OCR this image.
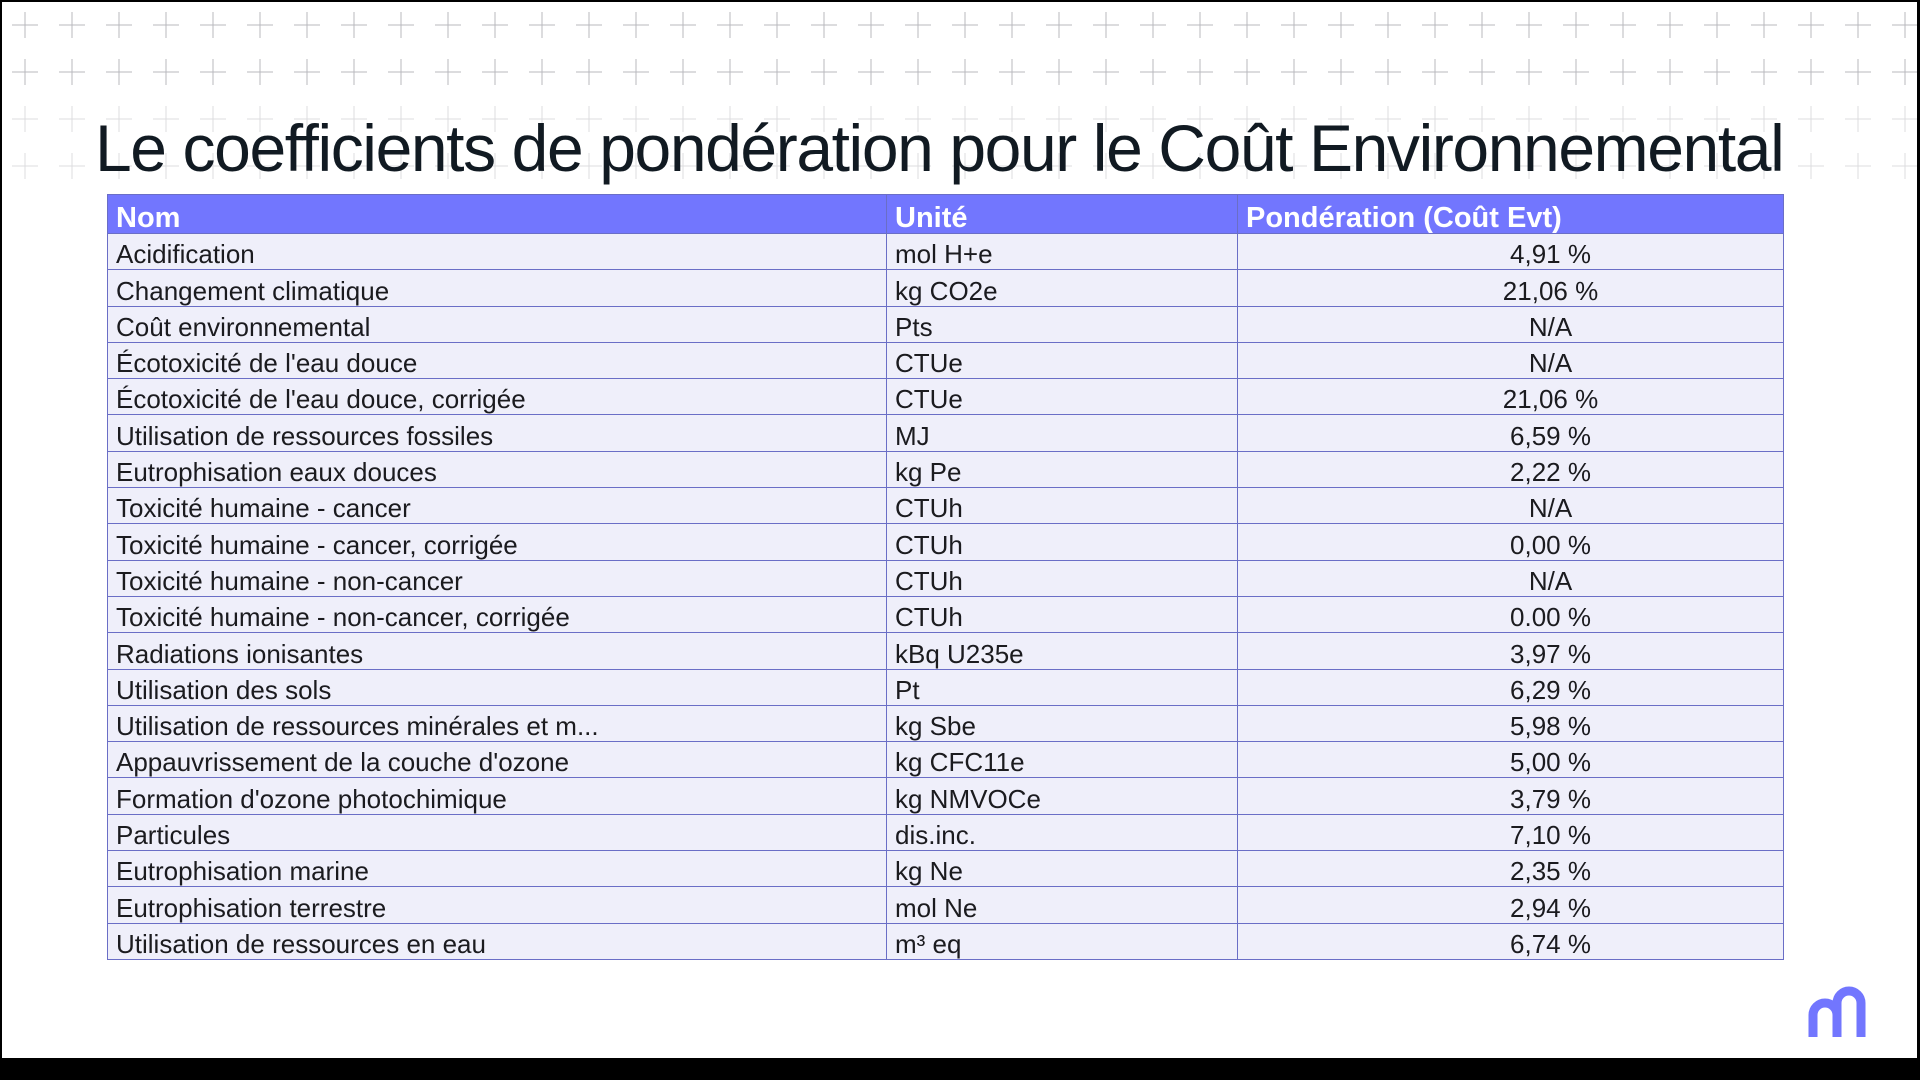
Le coefficients de pondération pour le Coût Environnemental
Nom	Unité	Pondération (Coût Evt)
Acidification	mol H+e	4,91 %
Changement climatique	kg CO2e	21,06 %
Coût environnemental	Pts	N/A
Écotoxicité de l'eau douce	CTUe	N/A
Écotoxicité de l'eau douce, corrigée	CTUe	21,06 %
Utilisation de ressources fossiles	MJ	6,59 %
Eutrophisation eaux douces	kg Pe	2,22 %
Toxicité humaine - cancer	CTUh	N/A
Toxicité humaine - cancer, corrigée	CTUh	0,00 %
Toxicité humaine - non-cancer	CTUh	N/A
Toxicité humaine - non-cancer, corrigée	CTUh	0.00 %
Radiations ionisantes	kBq U235e	3,97 %
Utilisation des sols	Pt	6,29 %
Utilisation de ressources minérales et m...	kg Sbe	5,98 %
Appauvrissement de la couche d'ozone	kg CFC11e	5,00 %
Formation d'ozone photochimique	kg NMVOCe	3,79 %
Particules	dis.inc.	7,10 %
Eutrophisation marine	kg Ne	2,35 %
Eutrophisation terrestre	mol Ne	2,94 %
Utilisation de ressources en eau	m³ eq	6,74 %
